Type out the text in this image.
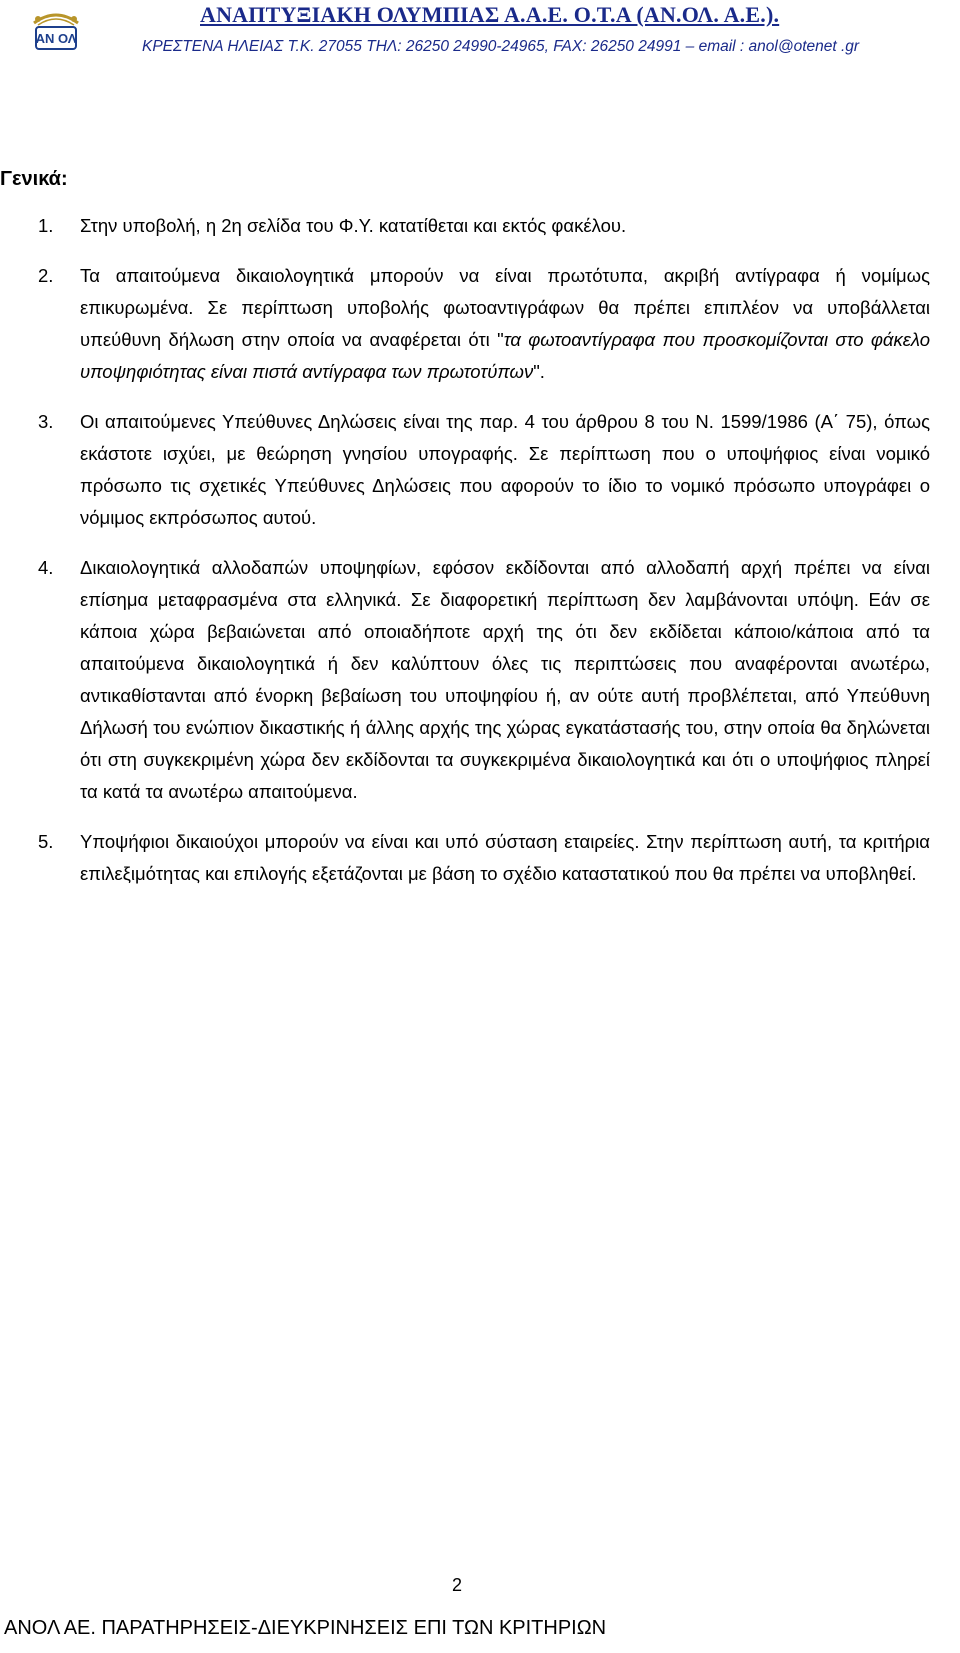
ΑΝ ΟΛ
ΑΝΑΠΤΥΞΙΑΚΗ ΟΛΥΜΠΙΑΣ Α.Α.Ε. Ο.Τ.Α (ΑΝ.ΟΛ. Α.Ε.).
ΚΡΕΣΤΕΝΑ ΗΛΕΙΑΣ Τ.Κ. 27055 ΤΗΛ: 26250 24990-24965, FAX: 26250 24991 – email : anol@otenet .gr
Γενικά:
1. Στην υποβολή, η 2η σελίδα του Φ.Υ. κατατίθεται και εκτός φακέλου.
2. Τα απαιτούμενα δικαιολογητικά μπορούν να είναι πρωτότυπα, ακριβή αντίγραφα ή νομίμως επικυρωμένα. Σε περίπτωση υποβολής φωτοαντιγράφων θα πρέπει επιπλέον να υποβάλλεται υπεύθυνη δήλωση στην οποία να αναφέρεται ότι "τα φωτοαντίγραφα που προσκομίζονται στο φάκελο υποψηφιότητας είναι πιστά αντίγραφα των πρωτοτύπων".
3. Οι απαιτούμενες Υπεύθυνες Δηλώσεις είναι της παρ. 4 του άρθρου 8 του Ν. 1599/1986 (Α΄ 75), όπως εκάστοτε ισχύει, με θεώρηση γνησίου υπογραφής. Σε περίπτωση που ο υποψήφιος είναι νομικό πρόσωπο τις σχετικές Υπεύθυνες Δηλώσεις που αφορούν το ίδιο το νομικό πρόσωπο υπογράφει ο νόμιμος εκπρόσωπος αυτού.
4. Δικαιολογητικά αλλοδαπών υποψηφίων, εφόσον εκδίδονται από αλλοδαπή αρχή πρέπει να είναι επίσημα μεταφρασμένα στα ελληνικά. Σε διαφορετική περίπτωση δεν λαμβάνονται υπόψη. Εάν σε κάποια χώρα βεβαιώνεται από οποιαδήποτε αρχή της ότι δεν εκδίδεται κάποιο/κάποια από τα απαιτούμενα δικαιολογητικά ή δεν καλύπτουν όλες τις περιπτώσεις που αναφέρονται ανωτέρω, αντικαθίστανται από ένορκη βεβαίωση του υποψηφίου ή, αν ούτε αυτή προβλέπεται, από Υπεύθυνη Δήλωσή του ενώπιον δικαστικής ή άλλης αρχής της χώρας εγκατάστασής του, στην οποία θα δηλώνεται ότι στη συγκεκριμένη χώρα δεν εκδίδονται τα συγκεκριμένα δικαιολογητικά και ότι ο υποψήφιος πληρεί τα κατά τα ανωτέρω απαιτούμενα.
5. Υποψήφιοι δικαιούχοι μπορούν να είναι και υπό σύσταση εταιρείες. Στην περίπτωση αυτή, τα κριτήρια επιλεξιμότητας και επιλογής εξετάζονται με βάση το σχέδιο καταστατικού που θα πρέπει να υποβληθεί.
2
ΑΝΟΛ ΑΕ. ΠΑΡΑΤΗΡΗΣΕΙΣ-ΔΙΕΥΚΡΙΝΗΣΕΙΣ ΕΠΙ ΤΩΝ ΚΡΙΤΗΡΙΩΝ
